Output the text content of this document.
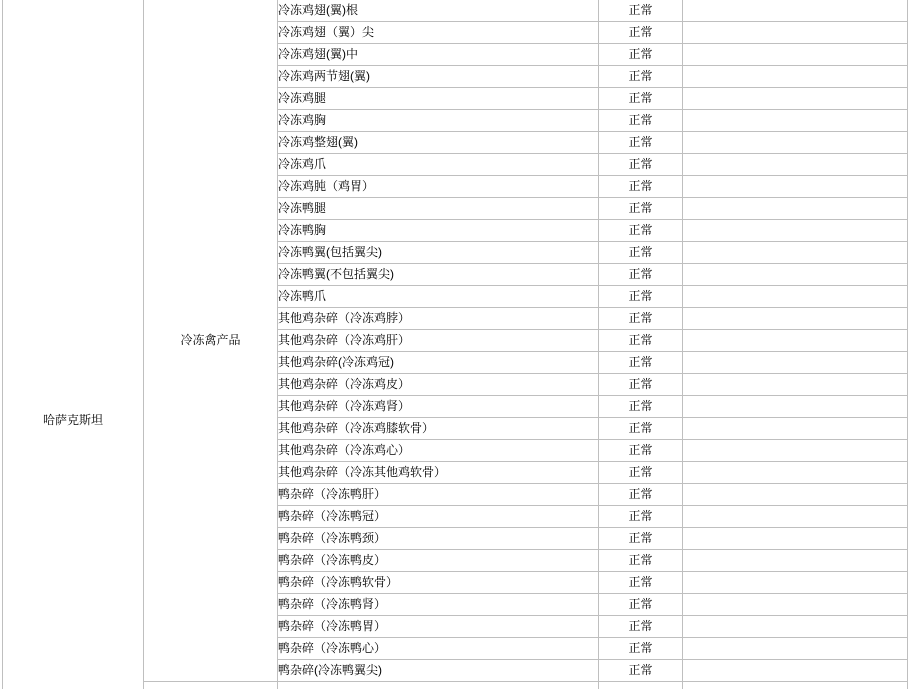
哈萨克斯坦	冷冻禽产品	冷冻鸡翅(翼)根	正常	
		冷冻鸡翅（翼）尖	正常	
		冷冻鸡翅(翼)中	正常	
		冷冻鸡两节翅(翼)	正常	
		冷冻鸡腿	正常	
		冷冻鸡胸	正常	
		冷冻鸡整翅(翼)	正常	
		冷冻鸡爪	正常	
		冷冻鸡肫（鸡胃）	正常	
		冷冻鸭腿	正常	
		冷冻鸭胸	正常	
		冷冻鸭翼(包括翼尖)	正常	
		冷冻鸭翼(不包括翼尖)	正常	
		冷冻鸭爪	正常	
		其他鸡杂碎（冷冻鸡脖）	正常	
		其他鸡杂碎（冷冻鸡肝）	正常	
		其他鸡杂碎(冷冻鸡冠)	正常	
		其他鸡杂碎（冷冻鸡皮）	正常	
		其他鸡杂碎（冷冻鸡肾）	正常	
		其他鸡杂碎（冷冻鸡膝软骨）	正常	
		其他鸡杂碎（冷冻鸡心）	正常	
		其他鸡杂碎（冷冻其他鸡软骨）	正常	
		鸭杂碎（冷冻鸭肝）	正常	
		鸭杂碎（冷冻鸭冠）	正常	
		鸭杂碎（冷冻鸭颈）	正常	
		鸭杂碎（冷冻鸭皮）	正常	
		鸭杂碎（冷冻鸭软骨）	正常	
		鸭杂碎（冷冻鸭肾）	正常	
		鸭杂碎（冷冻鸭胃）	正常	
		鸭杂碎（冷冻鸭心）	正常	
		鸭杂碎(冷冻鸭翼尖)	正常	
